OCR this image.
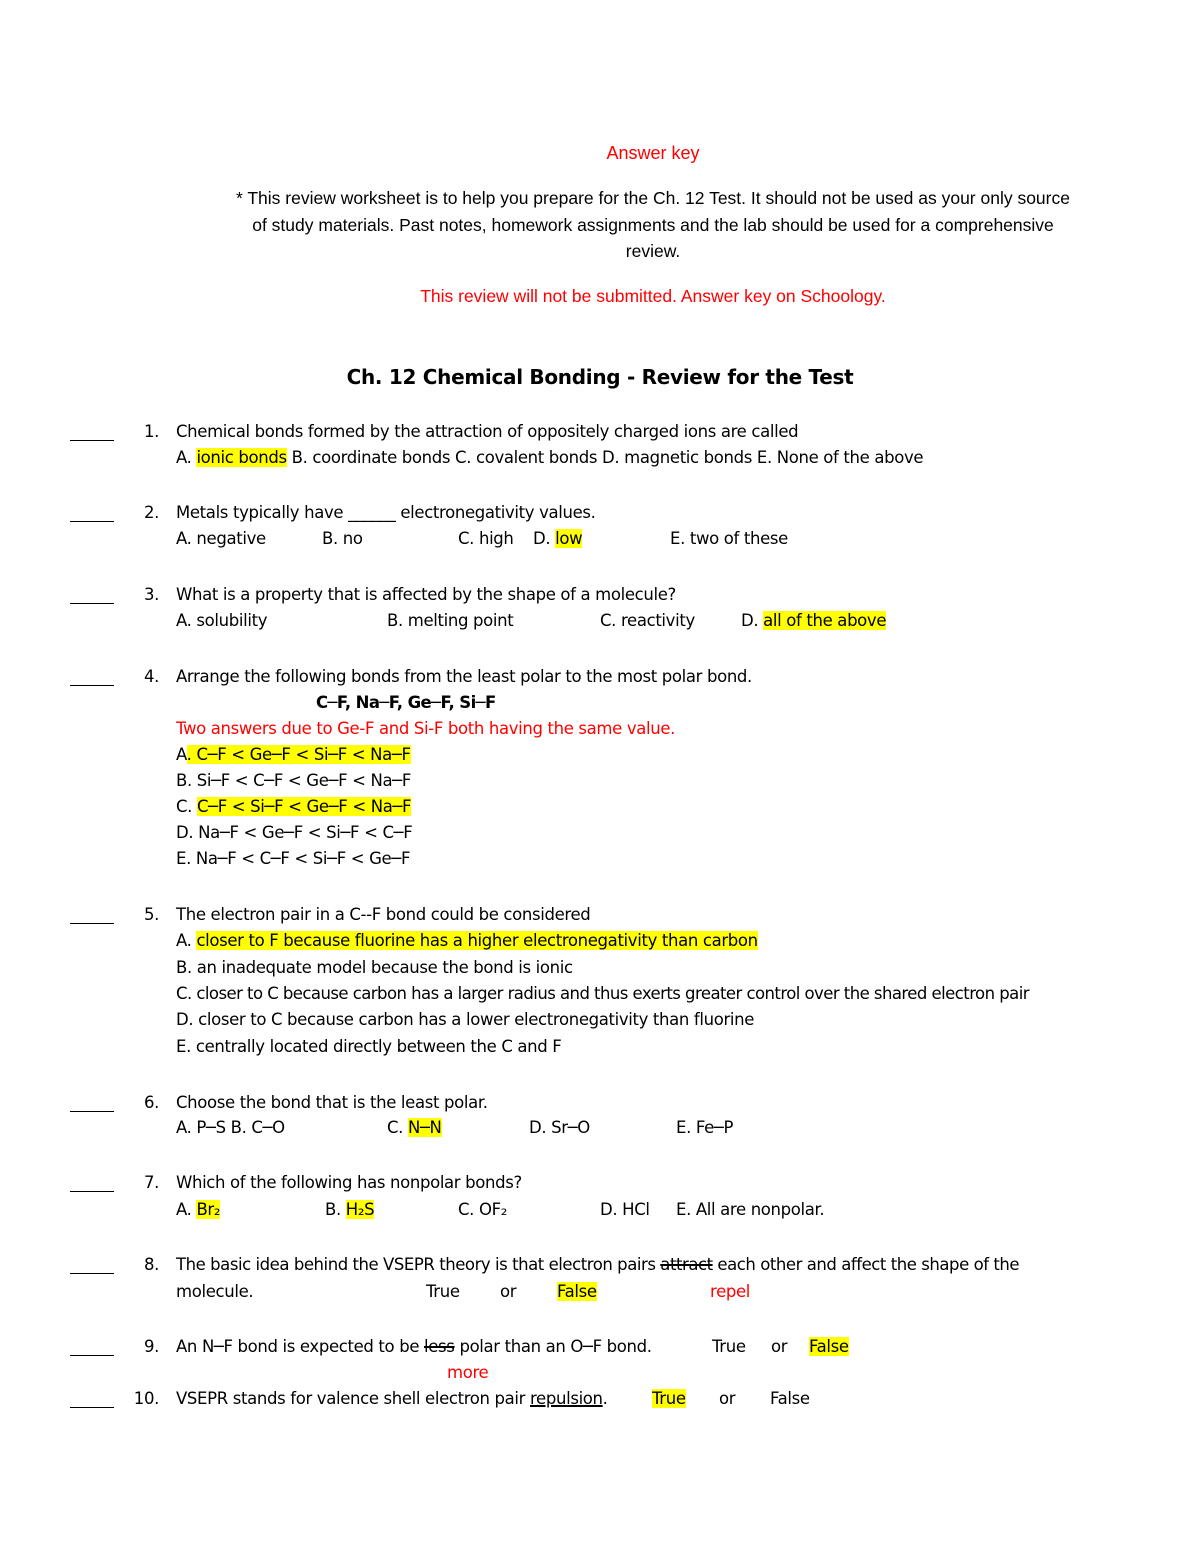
Answer key
* This review worksheet is to help you prepare for the Ch. 12 Test. It should not be used as your only source
of study materials. Past notes, homework assignments and the lab should be used for a comprehensive
review.
This review will not be submitted. Answer key on Schoology.
Ch. 12 Chemical Bonding - Review for the Test
1. Chemical bonds formed by the attraction of oppositely charged ions are called
A. ionic bonds B. coordinate bonds C. covalent bonds D. magnetic bonds E. None of the above
2. Metals typically have ______ electronegativity values.
A. negative	B. no	C. high D. low	E. two of these
3. What is a property that is affected by the shape of a molecule?
A. solubility	B. melting point	C. reactivity	D. all of the above
4. Arrange the following bonds from the least polar to the most polar bond.
C─F, Na─F, Ge─F, Si─F
Two answers due to Ge-F and Si-F both having the same value.
A. C─F < Ge─F < Si─F < Na─F
B. Si─F < C─F < Ge─F < Na─F
C. C─F < Si─F < Ge─F < Na─F
D. Na─F < Ge─F < Si─F < C─F
E. Na─F < C─F < Si─F < Ge─F
5. The electron pair in a C--F bond could be considered
A. closer to F because fluorine has a higher electronegativity than carbon
B. an inadequate model because the bond is ionic
C. closer to C because carbon has a larger radius and thus exerts greater control over the shared electron pair
D. closer to C because carbon has a lower electronegativity than fluorine
E. centrally located directly between the C and F
6. Choose the bond that is the least polar.
A. P─S B. C─O	C. N─N	D. Sr─O	E. Fe─P
7. Which of the following has nonpolar bonds?
A. Br₂	B. H₂S	C. OF₂	D. HCl E. All are nonpolar.
8. The basic idea behind the VSEPR theory is that electron pairs attract each other and affect the shape of the
molecule.	True or False	repel
9. An N─F bond is expected to be less polar than an O─F bond.	True or False
more
10. VSEPR stands for valence shell electron pair repulsion.	True or False
